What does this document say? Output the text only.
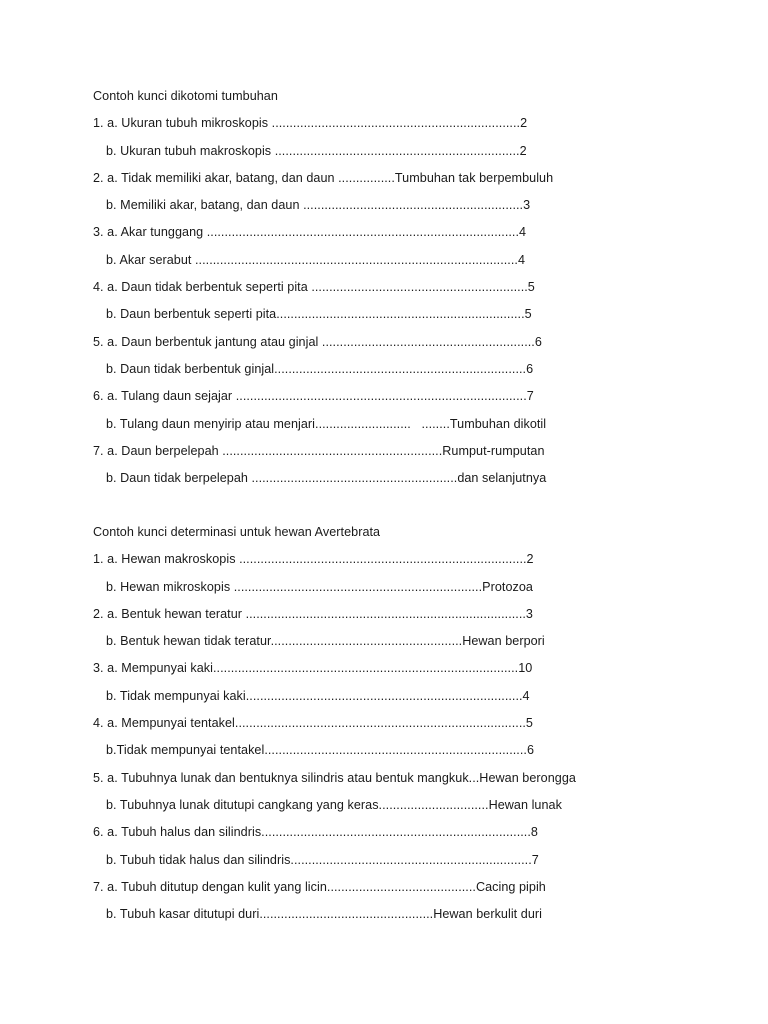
Contoh kunci dikotomi tumbuhan
1. a. Ukuran tubuh mikroskopis ......................................................................2
b. Ukuran tubuh makroskopis .....................................................................2
2. a. Tidak memiliki akar, batang, dan daun ................Tumbuhan tak berpembuluh
b. Memiliki akar, batang, dan daun ..............................................................3
3. a. Akar tunggang ........................................................................................4
b. Akar serabut ...........................................................................................4
4. a. Daun tidak berbentuk seperti pita .............................................................5
b. Daun berbentuk seperti pita......................................................................5
5. a. Daun berbentuk jantung atau ginjal ............................................................6
b. Daun tidak berbentuk ginjal.......................................................................6
6. a. Tulang daun sejajar ..................................................................................7
b. Tulang daun menyirip atau menjari...........................   ........Tumbuhan dikotil
7. a. Daun berpelepah ..............................................................Rumput-rumputan
b. Daun tidak berpelepah ..........................................................dan selanjutnya
Contoh kunci determinasi untuk hewan Avertebrata
1. a. Hewan makroskopis .................................................................................2
b. Hewan mikroskopis ......................................................................Protozoa
2. a. Bentuk hewan teratur ...............................................................................3
b. Bentuk hewan tidak teratur......................................................Hewan berpori
3. a. Mempunyai kaki......................................................................................10
b. Tidak mempunyai kaki..............................................................................4
4. a. Mempunyai tentakel..................................................................................5
b.Tidak mempunyai tentakel..........................................................................6
5. a. Tubuhnya lunak dan bentuknya silindris atau bentuk mangkuk...Hewan berongga
b. Tubuhnya lunak ditutupi cangkang yang keras...............................Hewan lunak
6. a. Tubuh halus dan silindris............................................................................8
b. Tubuh tidak halus dan silindris....................................................................7
7. a. Tubuh ditutup dengan kulit yang licin..........................................Cacing pipih
b. Tubuh kasar ditutupi duri.................................................Hewan berkulit duri
